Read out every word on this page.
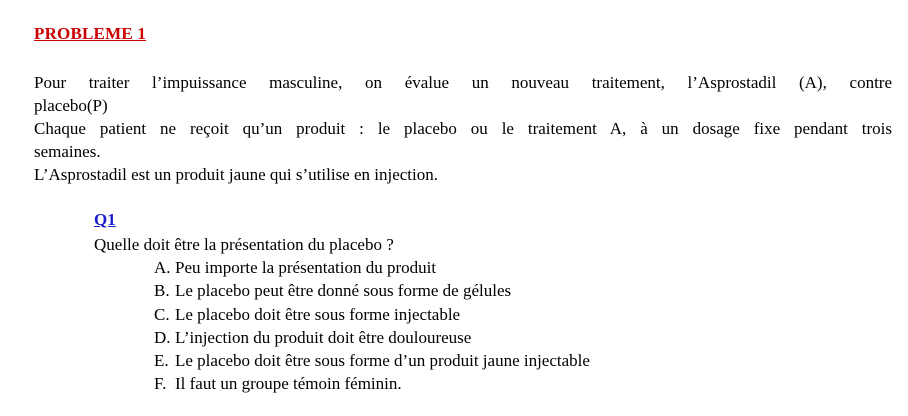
PROBLEME 1
Pour traiter l’impuissance masculine, on évalue un nouveau traitement, l’Asprostadil (A), contre
placebo(P)
Chaque patient ne reçoit qu’un produit : le placebo ou le traitement A, à un dosage fixe pendant trois
semaines.
L’Asprostadil est un produit jaune qui s’utilise en injection.
Q1
Quelle doit être la présentation du placebo ?
A. Peu importe la présentation du produit
B. Le placebo peut être donné sous forme de gélules
C. Le placebo doit être sous forme injectable
D. L’injection du produit doit être douloureuse
E. Le placebo doit être sous forme d’un produit jaune injectable
F. Il faut un groupe témoin féminin.
